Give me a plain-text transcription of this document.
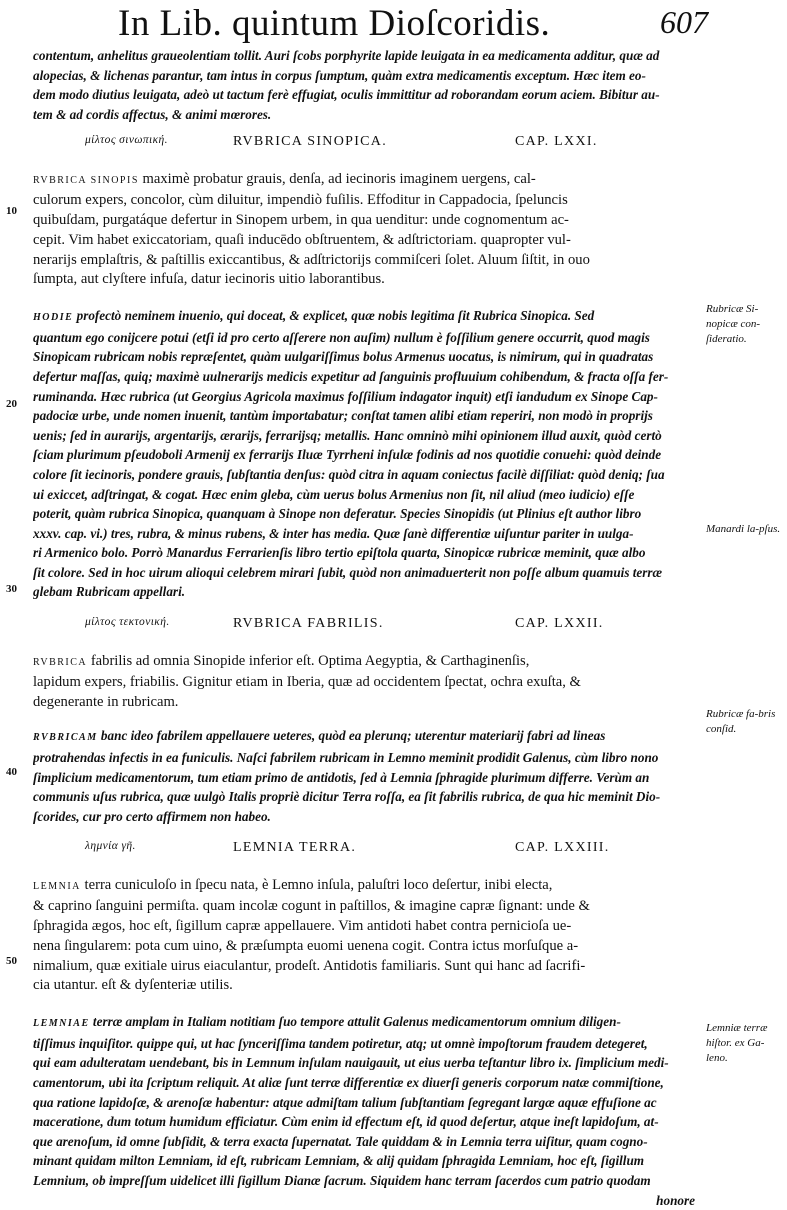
In Lib. quintum Dioſcoridis.	607
10
20
30
40
50
Rubricæ Si-nopicæ con-ſideratio.
Manardi la-pſus.
Rubricæ fa-bris conſid.
Lemniæ terræ hiſtor. ex Ga-leno.
contentum, anhelitus graueolentiam tollit. Auri ſcobs porphyrite lapide leuigata in ea medicamenta additur, quæ ad
alopecias, & lichenas parantur, tam intus in corpus ſumptum, quàm extra medicamentis exceptum. Hæc item eo-
dem modo diutius leuigata, adeò ut tactum ferè effugiat, oculis immittitur ad roborandam eorum aciem. Bibitur au-
tem & ad cordis affectus, & animi mœrores.
μίλτος σινωπική.	RVBRICA SINOPICA.	CAP. LXXI.
RVBRICA SINOPIS maximè probatur grauis, denſa, ad iecinoris imaginem uergens, cal-
culorum expers, concolor, cùm diluitur, impendiò fuſilis. Effoditur in Cappadocia, ſpeluncis
quibuſdam, purgatáque defertur in Sinopem urbem, in qua uenditur: unde cognomentum ac-
cepit. Vim habet exiccatoriam, quaſi inducēdo obſtruentem, & adſtrictoriam. quapropter vul-
nerarijs emplaſtris, & paſtillis exiccantibus, & adſtrictorijs commiſceri ſolet. Aluum ſiſtit, in ouo
ſumpta, aut clyſtere infuſa, datur iecinoris uitio laborantibus.
HODIE profectò neminem inuenio, qui doceat, & explicet, quæ nobis legitima ſit Rubrica Sinopica. Sed
quantum ego conijcere potui (etſi id pro certo aſſerere non auſim) nullum è foſſilium genere occurrit, quod magis
Sinopicam rubricam nobis repræſentet, quàm uulgariſſimus bolus Armenus uocatus, is nimirum, qui in quadratas
defertur maſſas, quiq; maximè uulnerarijs medicis expetitur ad ſanguinis profluuium cohibendum, & fracta oſſa fer-
ruminanda. Hæc rubrica (ut Georgius Agricola maximus foſſilium indagator inquit) etſi iandudum ex Sinope Cap-
padociæ urbe, unde nomen inuenit, tantùm importabatur; conſtat tamen alibi etiam reperiri, non modò in proprijs
uenis; ſed in aurarijs, argentarijs, ærarijs, ferrarijsq; metallis. Hanc omninò mihi opinionem illud auxit, quòd certò
ſciam plurimum pſeudoboli Armenij ex ferrarijs Iluæ Tyrrheni inſulæ fodinis ad nos quotidie conuehi: quòd deinde
colore ſit iecinoris, pondere grauis, ſubſtantia denſus: quòd citra in aquam coniectus facilè diſſiliat: quòd deniq; ſua
ui exiccet, adſtringat, & cogat. Hæc enim gleba, cùm uerus bolus Armenius non ſit, nil aliud (meo iudicio) eſſe
poterit, quàm rubrica Sinopica, quanquam à Sinope non deferatur. Species Sinopidis (ut Plinius eſt author libro
xxxv. cap. vi.) tres, rubra, & minus rubens, & inter has media. Quæ ſanè differentiæ uiſuntur pariter in uulga-
ri Armenico bolo. Porrò Manardus Ferrarienſis libro tertio epiſtola quarta, Sinopicæ rubricæ meminit, quæ albo
ſit colore. Sed in hoc uirum alioqui celebrem mirari ſubit, quòd non animaduerterit non poſſe album quamuis terræ
glebam Rubricam appellari.
μίλτος τεκτονική.	RVBRICA FABRILIS.	CAP. LXXII.
RVBRICA fabrilis ad omnia Sinopide inferior eſt. Optima Aegyptia, & Carthaginenſis,
lapidum expers, friabilis. Gignitur etiam in Iberia, quæ ad occidentem ſpectat, ochra exuſta, &
degenerante in rubricam.
RVBRICAM banc ideo fabrilem appellauere ueteres, quòd ea plerunq; uterentur materiarij fabri ad lineas
protrahendas infectis in ea funiculis. Naſci fabrilem rubricam in Lemno meminit prodidit Galenus, cùm libro nono
ſimplicium medicamentorum, tum etiam primo de antidotis, ſed à Lemnia ſphragide plurimum differre. Verùm an
communis uſus rubrica, quæ uulgò Italis propriè dicitur Terra roſſa, ea ſit fabrilis rubrica, de qua hic meminit Dio-
ſcorides, cur pro certo affirmem non habeo.
λημνία γῆ.	LEMNIA TERRA.	CAP. LXXIII.
LEMNIA terra cuniculoſo in ſpecu nata, è Lemno inſula, paluſtri loco deſertur, inibi electa,
& caprino ſanguini permiſta. quam incolæ cogunt in paſtillos, & imagine capræ ſignant: unde &
ſphragida ægos, hoc eſt, ſigillum capræ appellauere. Vim antidoti habet contra pernicioſa ue-
nena ſingularem: pota cum uino, & præſumpta euomi uenena cogit. Contra ictus morſuſque a-
nimalium, quæ exitiale uirus eiaculantur, prodeſt. Antidotis familiaris. Sunt qui hanc ad ſacrifi-
cia utantur. eſt & dyſenteriæ utilis.
LEMNIAE terræ amplam in Italiam notitiam ſuo tempore attulit Galenus medicamentorum omnium diligen-
tiſſimus inquiſitor. quippe qui, ut hac ſynceriſſima tandem potiretur, atq; ut omnè impoſtorum fraudem detegeret,
qui eam adulteratam uendebant, bis in Lemnum inſulam nauigauit, ut eius uerba teſtantur libro ix. ſimplicium medi-
camentorum, ubi ita ſcriptum reliquit. At aliæ ſunt terræ differentiæ ex diuerſi generis corporum natæ commiſtione,
qua ratione lapidoſæ, & arenoſæ habentur: atque admiſtam talium ſubſtantiam ſegregant largæ aquæ effuſione ac
maceratione, dum totum humidum efficiatur. Cùm enim id effectum eſt, id quod deſertur, atque ineſt lapidoſum, at-
que arenoſum, id omne ſubſidit, & terra exacta ſupernatat. Tale quiddam & in Lemnia terra uiſitur, quam cogno-
minant quidam milton Lemniam, id eſt, rubricam Lemniam, & alij quidam ſphragida Lemniam, hoc eſt, ſigillum
Lemnium, ob impreſſum uidelicet illi ſigillum Dianæ ſacrum. Siquidem hanc terram ſacerdos cum patrio quodam
honore
